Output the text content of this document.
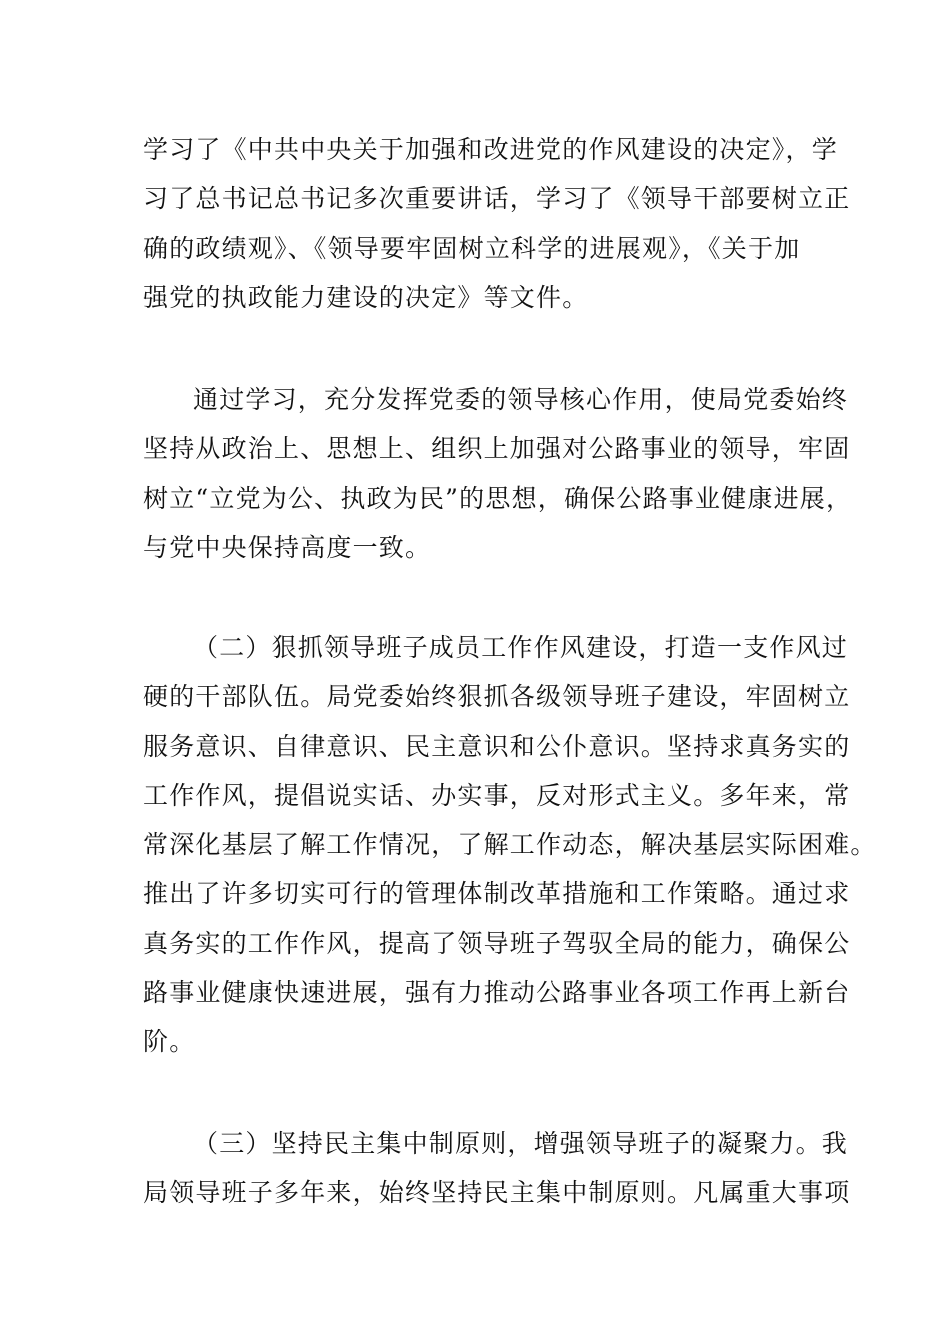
学习了《中共中央关于加强和改进党的作风建设的决定》，学
习了总书记总书记多次重要讲话，学习了《领导干部要树立正
确的政绩观》、《领导要牢固树立科学的进展观》，《关于加
强党的执政能力建设的决定》等文件。
通过学习，充分发挥党委的领导核心作用，使局党委始终
坚持从政治上、思想上、组织上加强对公路事业的领导，牢固
树立“立党为公、执政为民”的思想，确保公路事业健康进展，
与党中央保持高度一致。
（二）狠抓领导班子成员工作作风建设，打造一支作风过
硬的干部队伍。局党委始终狠抓各级领导班子建设，牢固树立
服务意识、自律意识、民主意识和公仆意识。坚持求真务实的
工作作风，提倡说实话、办实事，反对形式主义。多年来，常
常深化基层了解工作情况，了解工作动态，解决基层实际困难。
推出了许多切实可行的管理体制改革措施和工作策略。通过求
真务实的工作作风，提高了领导班子驾驭全局的能力，确保公
路事业健康快速进展，强有力推动公路事业各项工作再上新台
阶。
（三）坚持民主集中制原则，增强领导班子的凝聚力。我
局领导班子多年来，始终坚持民主集中制原则。凡属重大事项
